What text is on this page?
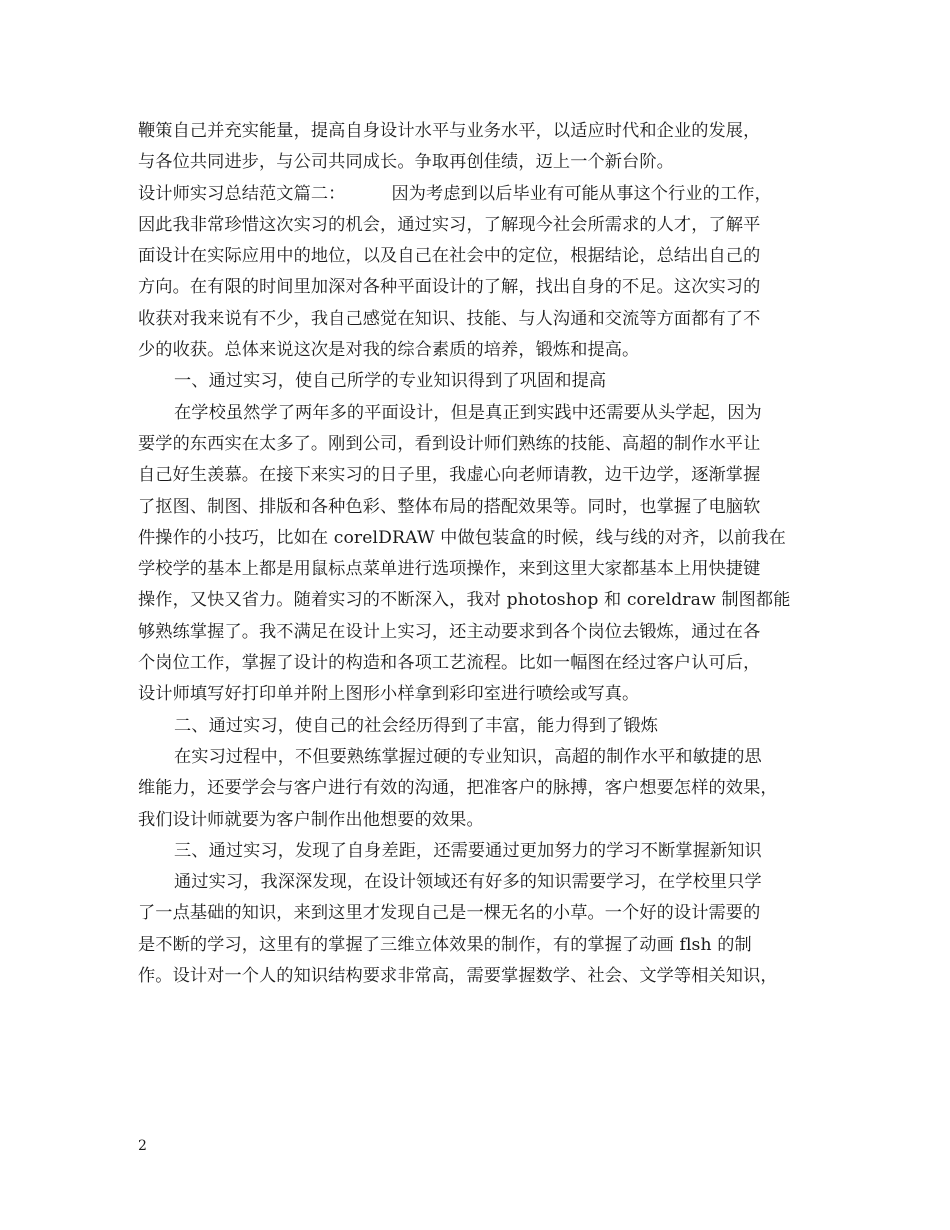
鞭策自己并充实能量，提高自身设计水平与业务水平，以适应时代和企业的发展，
与各位共同进步，与公司共同成长。争取再创佳绩，迈上一个新台阶。
设计师实习总结范文篇二：	因为考虑到以后毕业有可能从事这个行业的工作，
因此我非常珍惜这次实习的机会，通过实习，了解现今社会所需求的人才，了解平
面设计在实际应用中的地位，以及自己在社会中的定位，根据结论，总结出自己的
方向。在有限的时间里加深对各种平面设计的了解，找出自身的不足。这次实习的
收获对我来说有不少，我自己感觉在知识、技能、与人沟通和交流等方面都有了不
少的收获。总体来说这次是对我的综合素质的培养，锻炼和提高。
一、通过实习，使自己所学的专业知识得到了巩固和提高
在学校虽然学了两年多的平面设计，但是真正到实践中还需要从头学起，因为
要学的东西实在太多了。刚到公司，看到设计师们熟练的技能、高超的制作水平让
自己好生羡慕。在接下来实习的日子里，我虚心向老师请教，边干边学，逐渐掌握
了抠图、制图、排版和各种色彩、整体布局的搭配效果等。同时，也掌握了电脑软
件操作的小技巧，比如在 corelDRAW 中做包装盒的时候，线与线的对齐，以前我在
学校学的基本上都是用鼠标点菜单进行选项操作，来到这里大家都基本上用快捷键
操作，又快又省力。随着实习的不断深入，我对 photoshop 和 coreldraw 制图都能
够熟练掌握了。我不满足在设计上实习，还主动要求到各个岗位去锻炼，通过在各
个岗位工作，掌握了设计的构造和各项工艺流程。比如一幅图在经过客户认可后，
设计师填写好打印单并附上图形小样拿到彩印室进行喷绘或写真。
二、通过实习，使自己的社会经历得到了丰富，能力得到了锻炼
在实习过程中，不但要熟练掌握过硬的专业知识，高超的制作水平和敏捷的思
维能力，还要学会与客户进行有效的沟通，把准客户的脉搏，客户想要怎样的效果，
我们设计师就要为客户制作出他想要的效果。
三、通过实习，发现了自身差距，还需要通过更加努力的学习不断掌握新知识
通过实习，我深深发现，在设计领域还有好多的知识需要学习，在学校里只学
了一点基础的知识，来到这里才发现自己是一棵无名的小草。一个好的设计需要的
是不断的学习，这里有的掌握了三维立体效果的制作，有的掌握了动画 flsh 的制
作。设计对一个人的知识结构要求非常高，需要掌握数学、社会、文学等相关知识，
2
